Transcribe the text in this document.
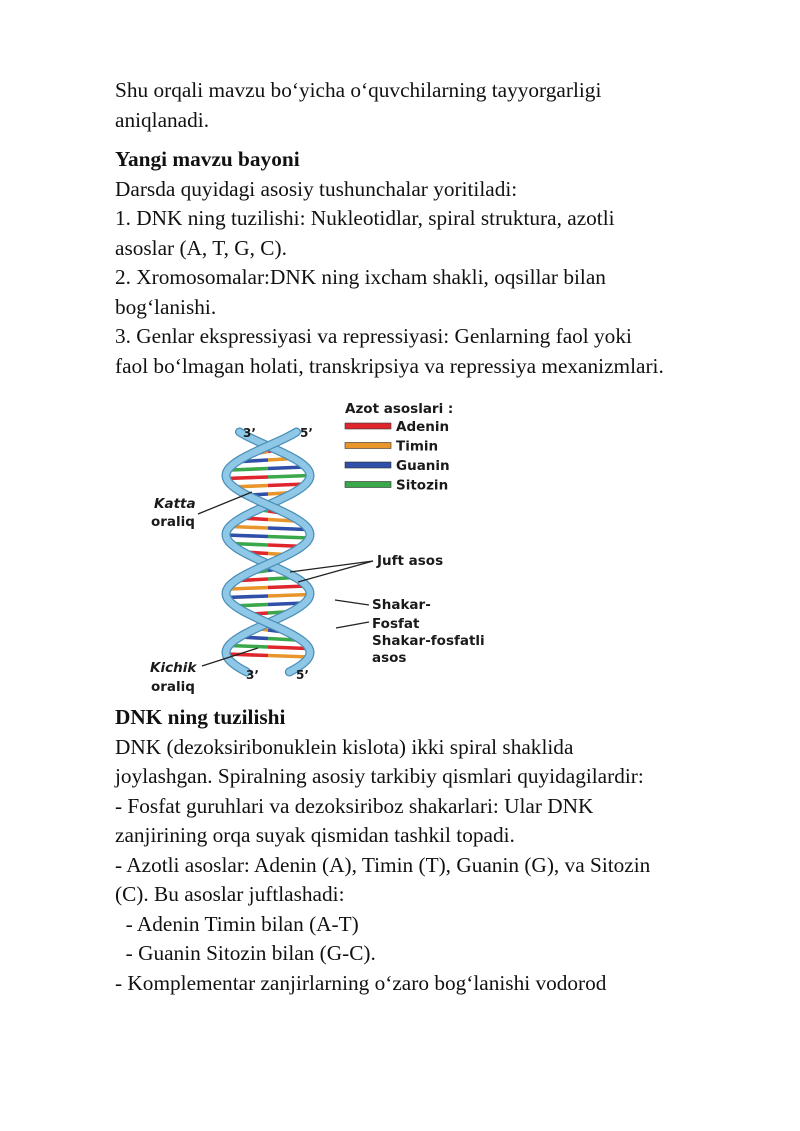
Shu orqali mavzu boʻyicha oʻquvchilarning tayyorgarligi

aniqlanadi.

Yangi mavzu bayoni

Darsda quyidagi asosiy tushunchalar yoritiladi:

1. DNK ning tuzilishi: Nukleotidlar, spiral struktura, azotli

asoslar (A, T, G, C).

2. Xromosomalar:DNK ning ixcham shakli, oqsillar bilan

bogʻlanishi.

3. Genlar ekspressiyasi va repressiyasi: Genlarning faol yoki

faol boʻlmagan holati, transkripsiya va repressiya mexanizmlari.

3ʼ	5ʼ
3ʼ	5ʼ
Azot asoslari :
Adenin
Timin
Guanin
Sitozin
Katta
oraliq
Juft asos
Shakar-
Fosfat
Shakar-fosfatli
asos
Kichik
oraliq

DNK ning tuzilishi

DNK (dezoksiribonuklein kislota) ikki spiral shaklida

joylashgan. Spiralning asosiy tarkibiy qismlari quyidagilardir:

- Fosfat guruhlari va dezoksiriboz shakarlari: Ular DNK

zanjirining orqa suyak qismidan tashkil topadi.

- Azotli asoslar: Adenin (A), Timin (T), Guanin (G), va Sitozin

(C). Bu asoslar juftlashadi:

- Adenin Timin bilan (A-T)

- Guanin Sitozin bilan (G-C).

- Komplementar zanjirlarning oʻzaro bogʻlanishi vodorod
